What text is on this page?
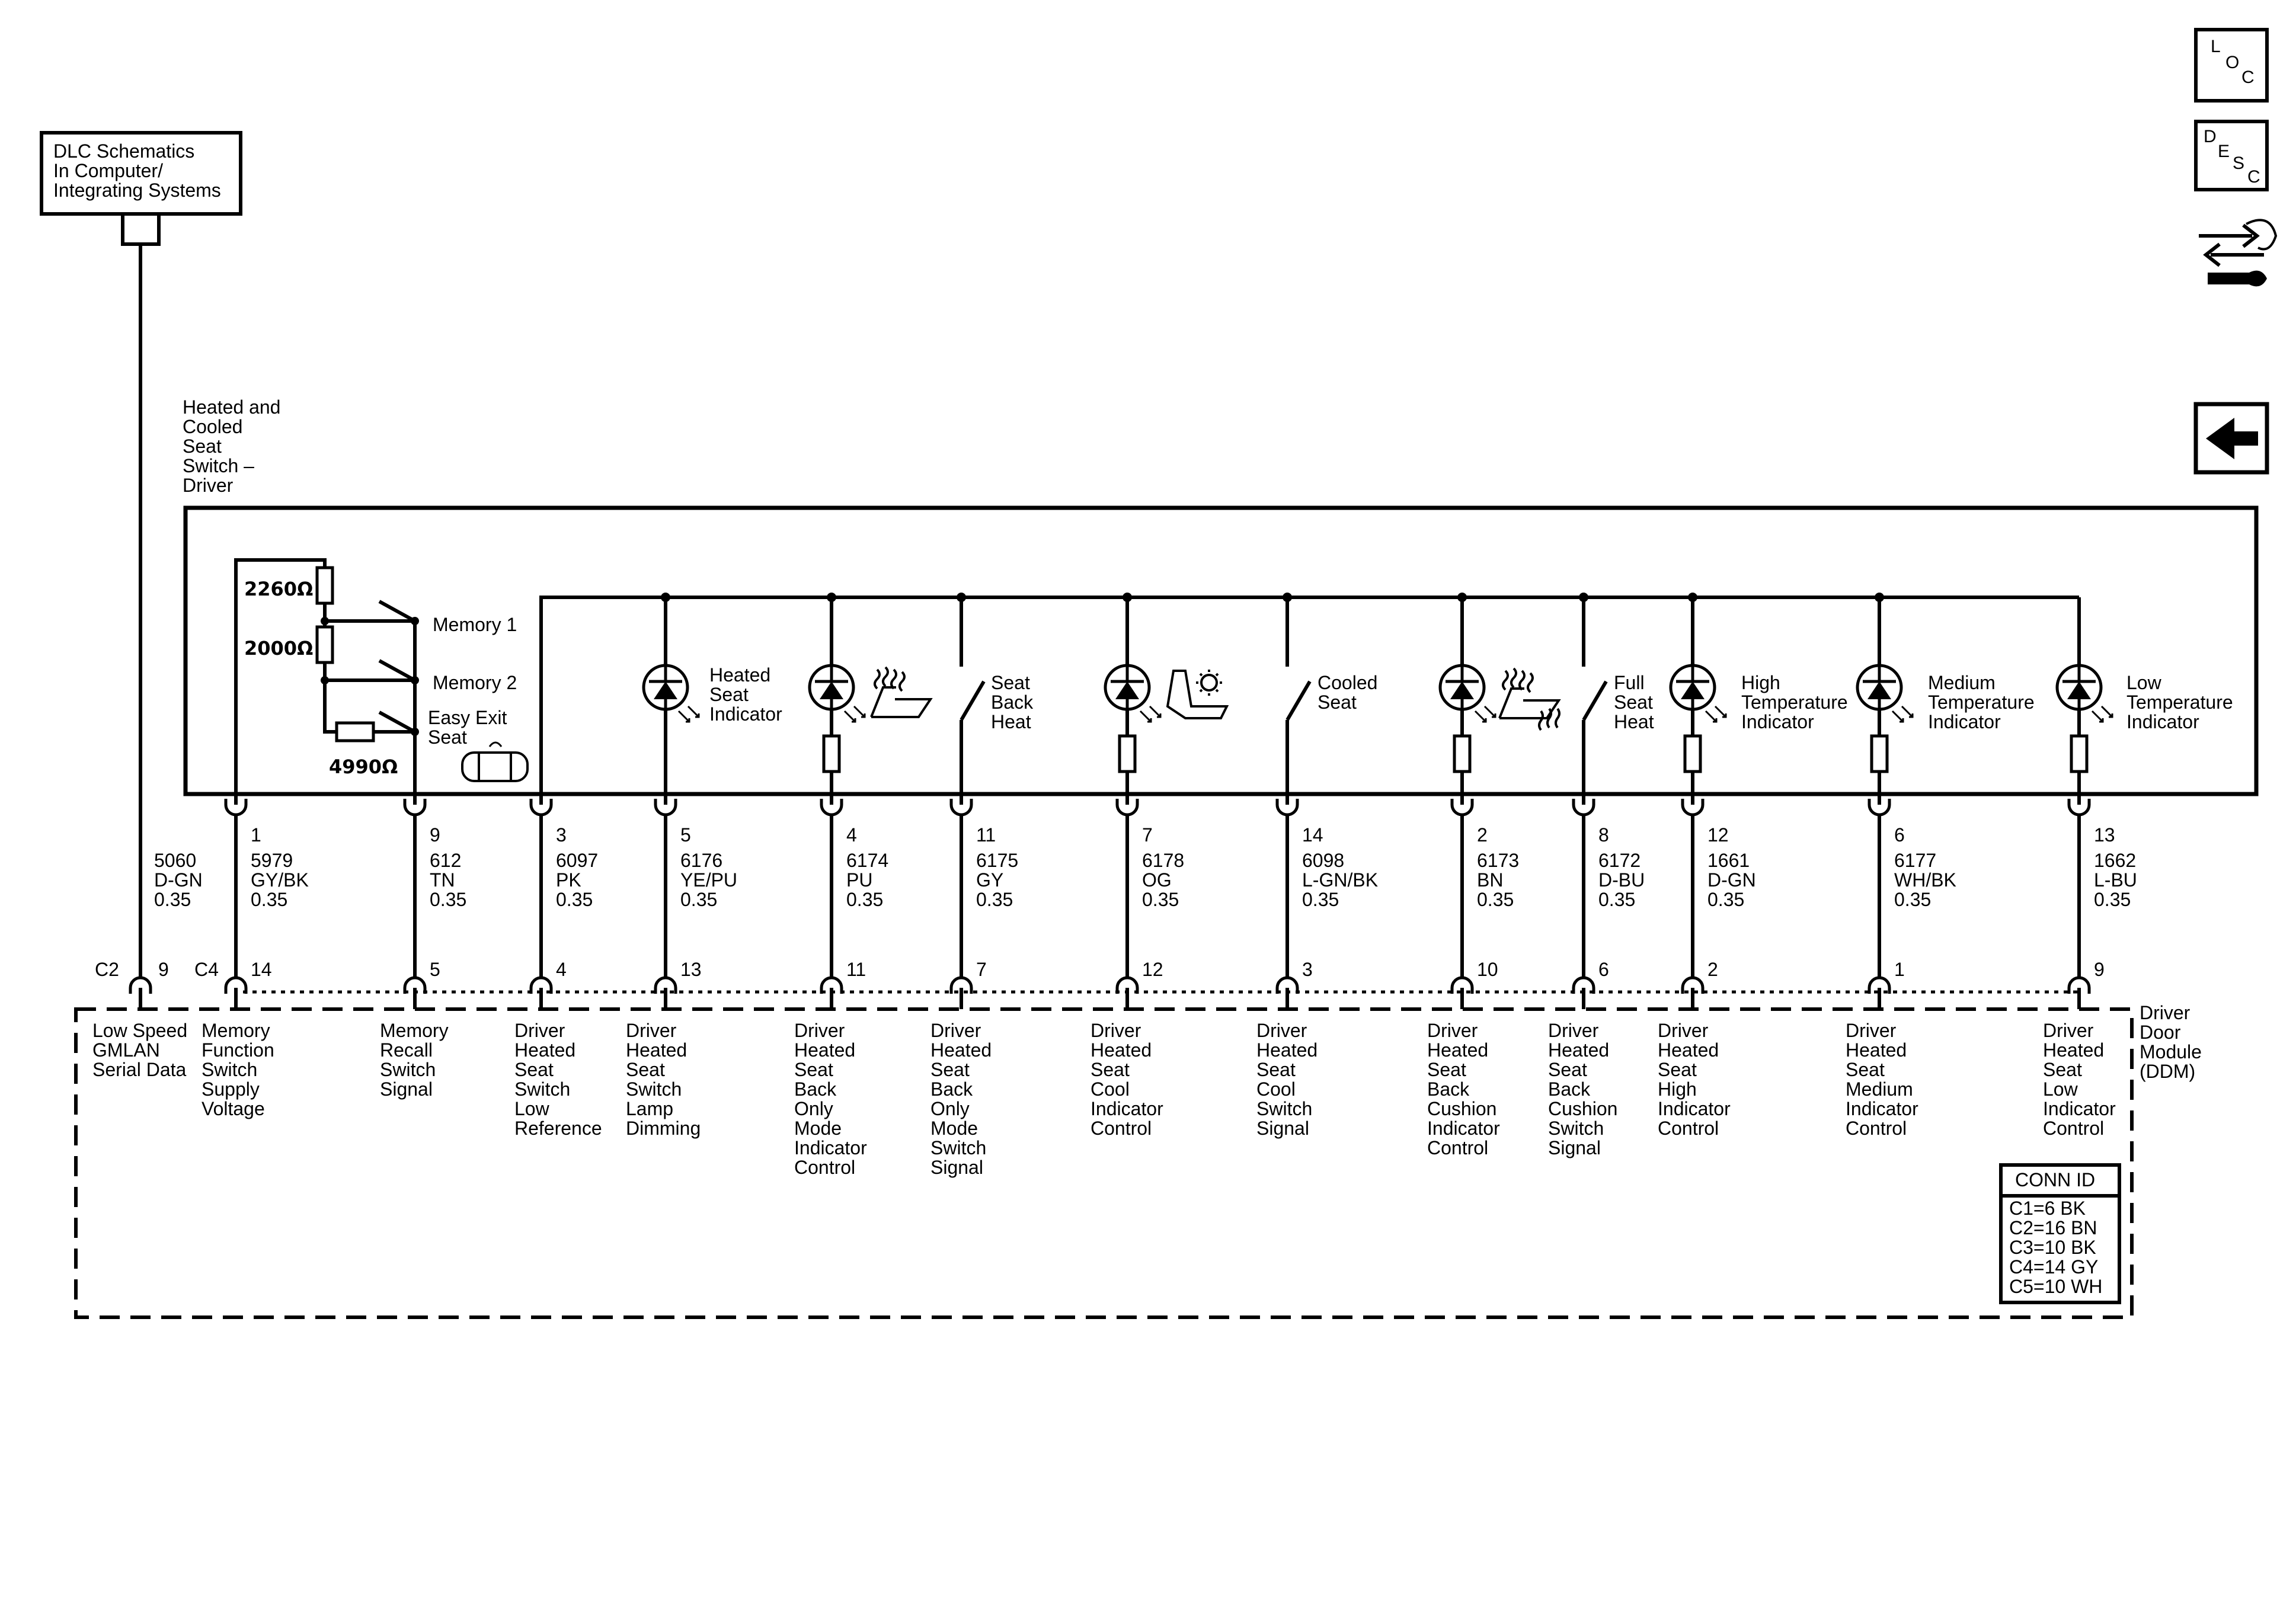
DLC Schematics
In Computer/
Integrating Systems
Heated and
Cooled
Seat
Switch –
Driver
2260Ω
2000Ω
4990Ω
Memory 1
Memory 2
Easy Exit
Seat
Heated
Seat
Indicator
Seat
Back
Heat
Cooled
Seat
Full
Seat
Heat
High
Temperature
Indicator
Medium
Temperature
Indicator
Low
Temperature
Indicator
5060
D-GN
0.35
1
5979
GY/BK
0.35
14
9
612
TN
0.35
5
3
6097
PK
0.35
4
5
6176
YE/PU
0.35
13
4
6174
PU
0.35
11
11
6175
GY
0.35
7
7
6178
OG
0.35
12
14
6098
L-GN/BK
0.35
3
2
6173
BN
0.35
10
8
6172
D-BU
0.35
6
12
1661
D-GN
0.35
2
6
6177
WH/BK
0.35
1
13
1662
L-BU
0.35
9
C2 9 C4
Low Speed
GMLAN
Serial Data
Memory
Function
Switch
Supply
Voltage
Memory
Recall
Switch
Signal
Driver
Heated
Seat
Switch
Low
Reference
Driver
Heated
Seat
Switch
Lamp
Dimming
Driver
Heated
Seat
Back
Only
Mode
Indicator
Control
Driver
Heated
Seat
Back
Only
Mode
Switch
Signal
Driver
Heated
Seat
Cool
Indicator
Control
Driver
Heated
Seat
Cool
Switch
Signal
Driver
Heated
Seat
Back
Cushion
Indicator
Control
Driver
Heated
Seat
Back
Cushion
Switch
Signal
Driver
Heated
Seat
High
Indicator
Control
Driver
Heated
Seat
Medium
Indicator
Control
Driver
Heated
Seat
Low
Indicator
Control
Driver
Door
Module
(DDM)
CONN ID
C1=6 BK
C2=16 BN
C3=10 BK
C4=14 GY
C5=10 WH
L
O
C
D
E
S
C
